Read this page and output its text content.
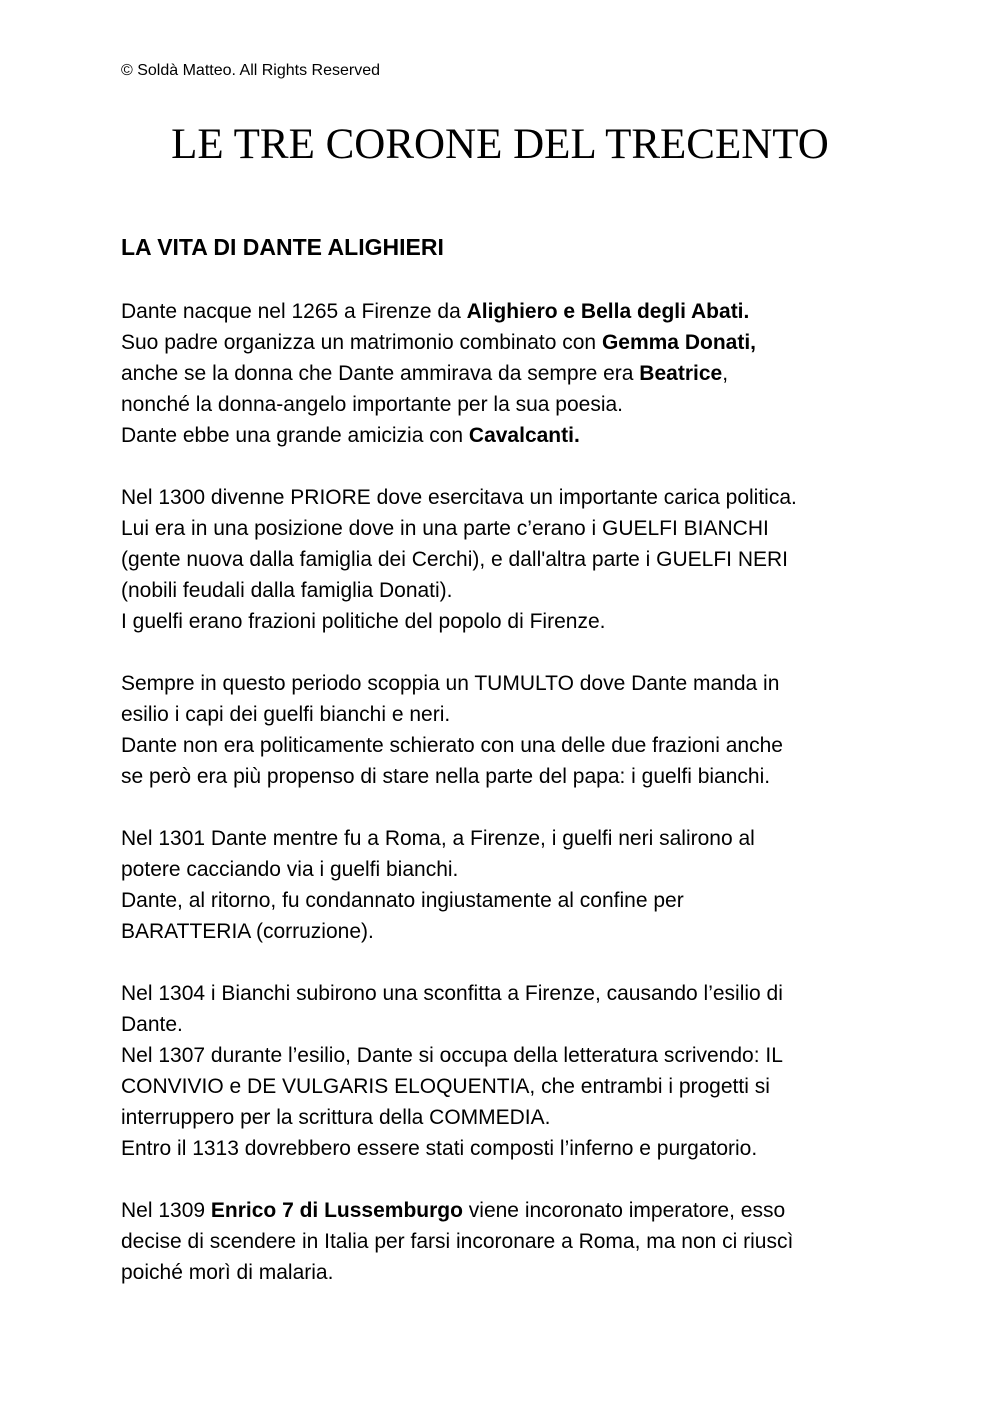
© Soldà Matteo. All Rights Reserved
LE TRE CORONE DEL TRECENTO
LA VITA DI DANTE ALIGHIERI

Dante nacque nel 1265 a Firenze da Alighiero e Bella degli Abati.
Suo padre organizza un matrimonio combinato con Gemma Donati,
anche se la donna che Dante ammirava da sempre era Beatrice,
nonché la donna-angelo importante per la sua poesia.
Dante ebbe una grande amicizia con Cavalcanti.

Nel 1300 divenne PRIORE dove esercitava un importante carica politica.
Lui era in una posizione dove in una parte c’erano i GUELFI BIANCHI
(gente nuova dalla famiglia dei Cerchi), e dall'altra parte i GUELFI NERI
(nobili feudali dalla famiglia Donati).
I guelfi erano frazioni politiche del popolo di Firenze.

Sempre in questo periodo scoppia un TUMULTO dove Dante manda in
esilio i capi dei guelfi bianchi e neri.
Dante non era politicamente schierato con una delle due frazioni anche
se però era più propenso di stare nella parte del papa: i guelfi bianchi.

Nel 1301 Dante mentre fu a Roma, a Firenze, i guelfi neri salirono al
potere cacciando via i guelfi bianchi.
Dante, al ritorno, fu condannato ingiustamente al confine per
BARATTERIA (corruzione).

Nel 1304 i Bianchi subirono una sconfitta a Firenze, causando l’esilio di
Dante.
Nel 1307 durante l’esilio, Dante si occupa della letteratura scrivendo: IL
CONVIVIO e DE VULGARIS ELOQUENTIA, che entrambi i progetti si
interruppero per la scrittura della COMMEDIA.
Entro il 1313 dovrebbero essere stati composti l’inferno e purgatorio.

Nel 1309 Enrico 7 di Lussemburgo viene incoronato imperatore, esso
decise di scendere in Italia per farsi incoronare a Roma, ma non ci riuscì
poiché morì di malaria.
